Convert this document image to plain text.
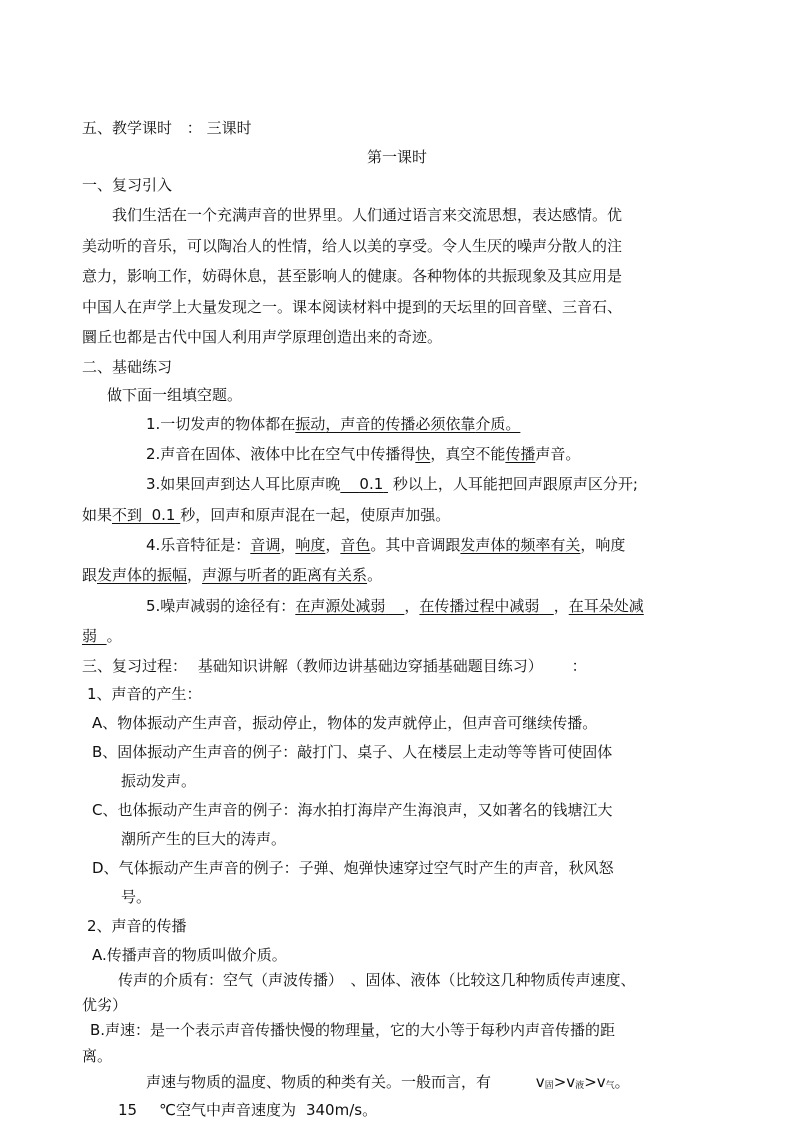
五、教学课时 ： 三课时
第一课时
一、复习引入
我们生活在一个充满声音的世界里。人们通过语言来交流思想，表达感情。优
美动听的音乐，可以陶冶人的性情，给人以美的享受。令人生厌的噪声分散人的注
意力，影响工作，妨碍休息，甚至影响人的健康。各种物体的共振现象及其应用是
中国人在声学上大量发现之一。课本阅读材料中提到的天坛里的回音壁、三音石、
圜丘也都是古代中国人利用声学原理创造出来的奇迹。
二、基础练习
做下面一组填空题。
1.一切发声的物体都在振动，声音的传播必须依靠介质。
2.声音在固体、液体中比在空气中传播得快，真空不能传播声音。
3.如果回声到达人耳比原声晚 0.1 秒以上，人耳能把回声跟原声区分开;
如果不到 0.1 秒，回声和原声混在一起，使原声加强。
4.乐音特征是：音调，响度，音色。其中音调跟发声体的频率有关，响度
跟发声体的振幅，声源与听者的距离有关系。
5.噪声减弱的途径有：在声源处减弱 ，在传播过程中减弱 ，在耳朵处减
弱 。
三、复习过程： 基础知识讲解（教师边讲基础边穿插基础题目练习） ：
1、声音的产生：
A、物体振动产生声音，振动停止，物体的发声就停止，但声音可继续传播。
B、固体振动产生声音的例子：敲打门、桌子、人在楼层上走动等等皆可使固体
振动发声。
C、也体振动产生声音的例子：海水拍打海岸产生海浪声，又如著名的钱塘江大
潮所产生的巨大的涛声。
D、气体振动产生声音的例子：子弹、炮弹快速穿过空气时产生的声音，秋风怒
号。
2、声音的传播
A.传播声音的物质叫做介质。
传声的介质有：空气（声波传播）　、固体、液体（比较这几种物质传声速度、
优劣）
B.声速：是一个表示声音传播快慢的物理量，它的大小等于每秒内声音传播的距
离。
声速与物质的温度、物质的种类有关。一般而言，有	v固>v液>v气。
15 ℃空气中声音速度为 340m/s。
